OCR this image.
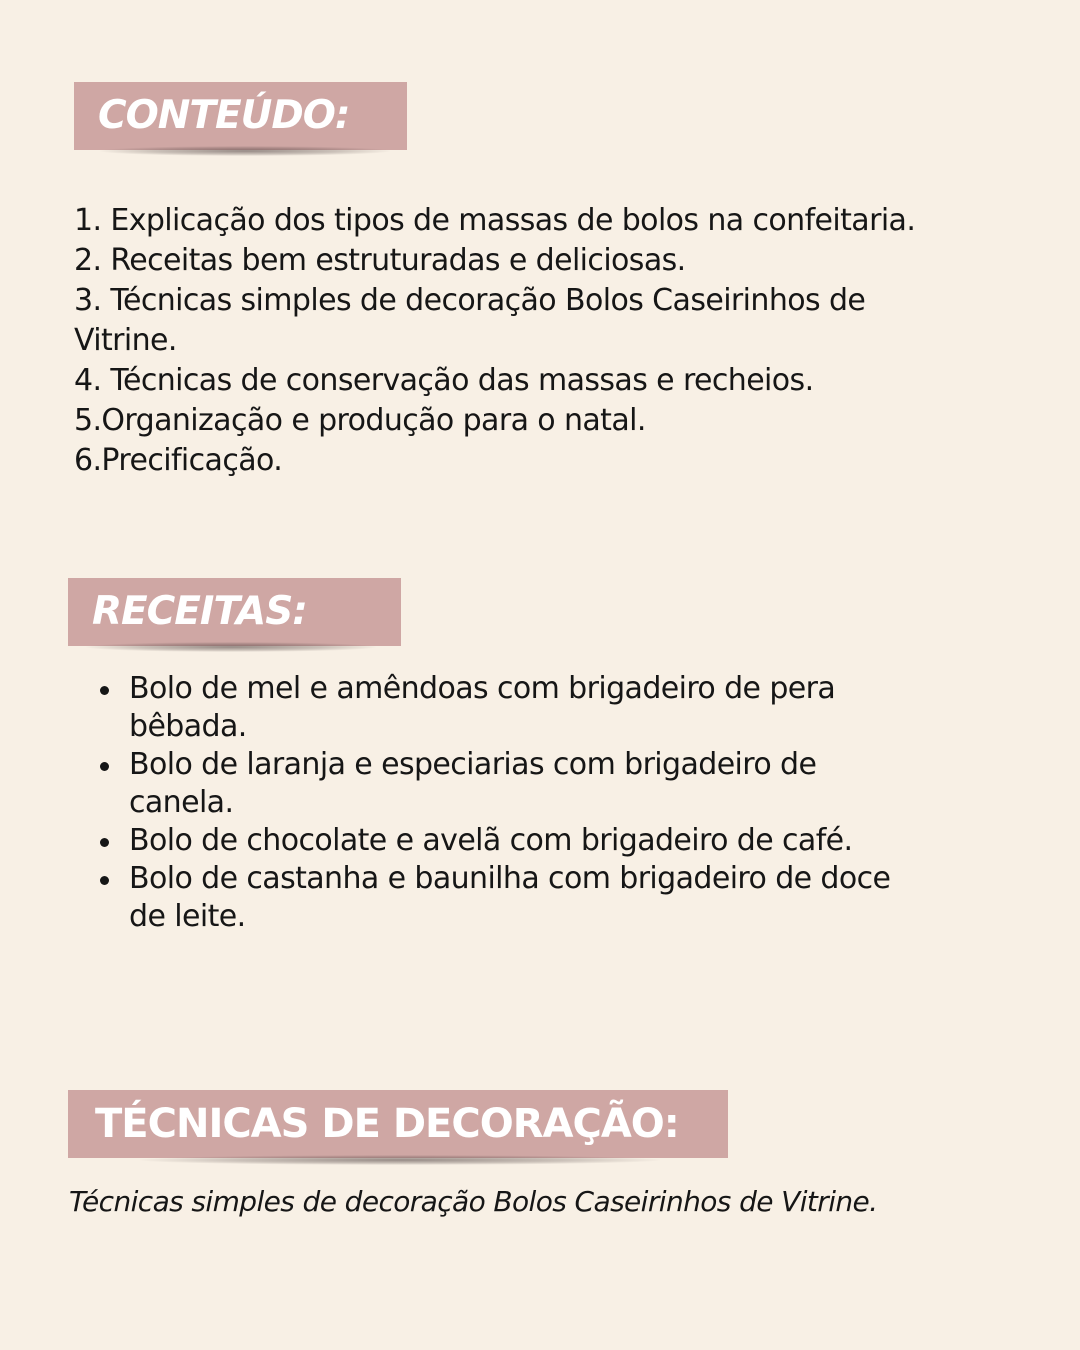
CONTEÚDO:
1. Explicação dos tipos de massas de bolos na confeitaria.
2. Receitas bem estruturadas e deliciosas.
3. Técnicas simples de decoração Bolos Caseirinhos de Vitrine.
4. Técnicas de conservação das massas e recheios.
5.Organização e produção para o natal.
6.Precificação.
RECEITAS:
Bolo de mel e amêndoas com brigadeiro de pera bêbada.
Bolo de laranja e especiarias com brigadeiro de canela.
Bolo de chocolate e avelã com brigadeiro de café.
Bolo de castanha e baunilha com brigadeiro de doce de leite.
TÉCNICAS DE DECORAÇÃO:

Técnicas simples de decoração Bolos Caseirinhos de Vitrine.
